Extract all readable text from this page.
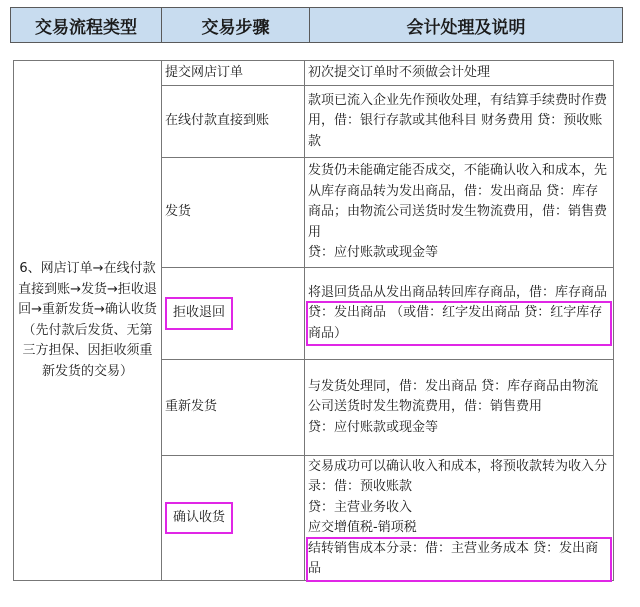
交易流程类型	交易步骤	会计处理及说明
6、网店订单→在线付款直接到账→发货→拒收退回→重新发货→确认收货（先付款后发货、无第三方担保、因拒收须重新发货的交易）	提交网店订单	初次提交订单时不须做会计处理

	在线付款直接到账	款项已流入企业先作预收处理，有结算手续费时作费用，借：银行存款或其他科目 财务费用 贷：预收账款

	发货	发货仍未能确定能否成交，不能确认收入和成本，先从库存商品转为发出商品，借：发出商品 贷：库存商品；由物流公司送货时发生物流费用，借：销售费用
贷：应付账款或现金等

	拒收退回	将退回货品从发出商品转回库存商品，借：库存商品
贷：发出商品 （或借：红字发出商品 贷：红字库存商品）

	重新发货	与发货处理同，借：发出商品 贷：库存商品由物流公司送货时发生物流费用，借：销售费用
贷：应付账款或现金等

	确认收货	交易成功可以确认收入和成本，将预收款转为收入分录：借：预收账款
贷：主营业务收入
应交增值税-销项税
结转销售成本分录：借：主营业务成本 贷：发出商品
